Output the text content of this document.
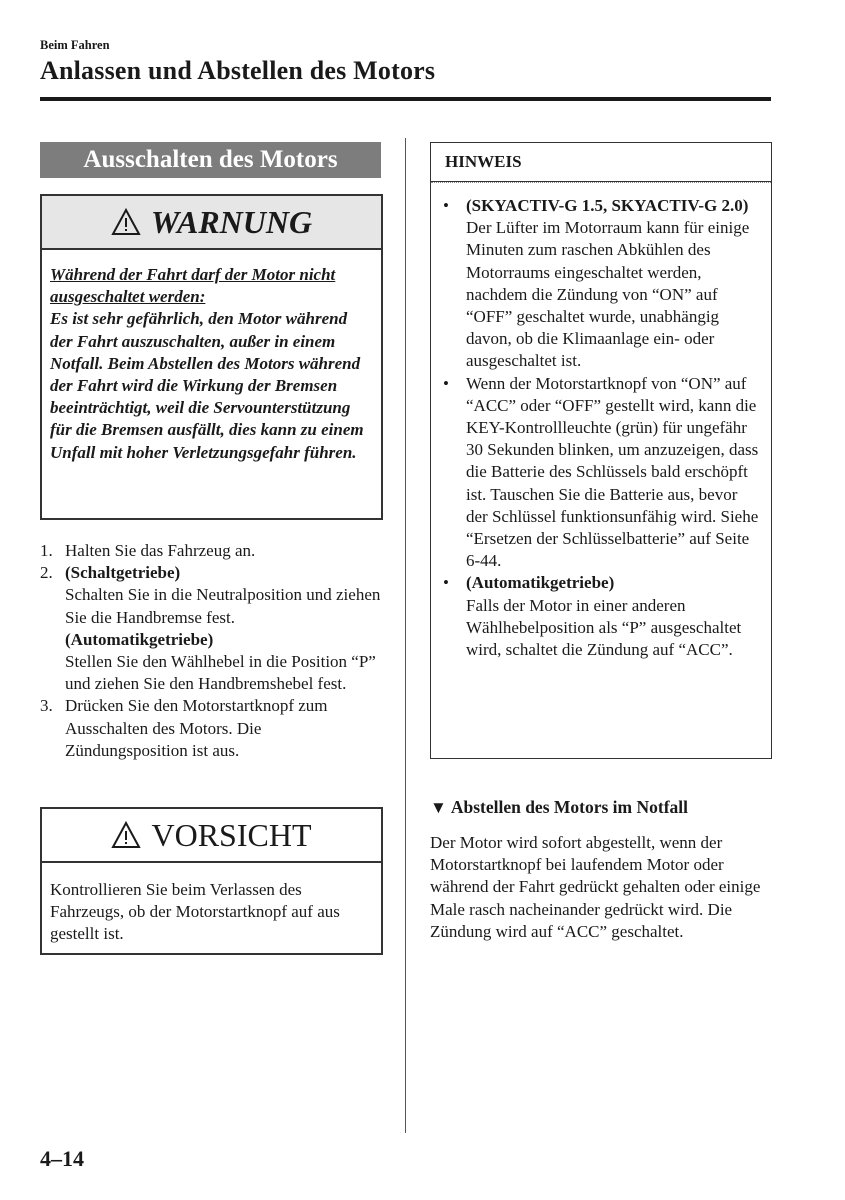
Beim Fahren
Anlassen und Abstellen des Motors
Ausschalten des Motors
WARNUNG
Während der Fahrt darf der Motor nicht ausgeschaltet werden:
Es ist sehr gefährlich, den Motor während der Fahrt auszuschalten, außer in einem Notfall. Beim Abstellen des Motors während der Fahrt wird die Wirkung der Bremsen beeinträchtigt, weil die Servounterstützung für die Bremsen ausfällt, dies kann zu einem Unfall mit hoher Verletzungsgefahr führen.
1. Halten Sie das Fahrzeug an.
2. (Schaltgetriebe)
Schalten Sie in die Neutralposition und ziehen Sie die Handbremse fest.
(Automatikgetriebe)
Stellen Sie den Wählhebel in die Position “P” und ziehen Sie den Handbremshebel fest.
3. Drücken Sie den Motorstartknopf zum Ausschalten des Motors. Die Zündungsposition ist aus.
VORSICHT
Kontrollieren Sie beim Verlassen des Fahrzeugs, ob der Motorstartknopf auf aus gestellt ist.
HINWEIS
•	(SKYACTIV-G 1.5, SKYACTIV-G 2.0)
Der Lüfter im Motorraum kann für einige Minuten zum raschen Abkühlen des Motorraums eingeschaltet werden, nachdem die Zündung von “ON” auf “OFF” geschaltet wurde, unabhängig davon, ob die Klimaanlage ein- oder ausgeschaltet ist.
•	Wenn der Motorstartknopf von “ON” auf “ACC” oder “OFF” gestellt wird, kann die KEY-Kontrollleuchte (grün) für ungefähr 30 Sekunden blinken, um anzuzeigen, dass die Batterie des Schlüssels bald erschöpft ist. Tauschen Sie die Batterie aus, bevor der Schlüssel funktionsunfähig wird. Siehe “Ersetzen der Schlüsselbatterie” auf Seite 6-44.
•	(Automatikgetriebe)
Falls der Motor in einer anderen Wählhebelposition als “P” ausgeschaltet wird, schaltet die Zündung auf “ACC”.
▼ Abstellen des Motors im Notfall
Der Motor wird sofort abgestellt, wenn der Motorstartknopf bei laufendem Motor oder während der Fahrt gedrückt gehalten oder einige Male rasch nacheinander gedrückt wird. Die Zündung wird auf “ACC” geschaltet.
4–14
